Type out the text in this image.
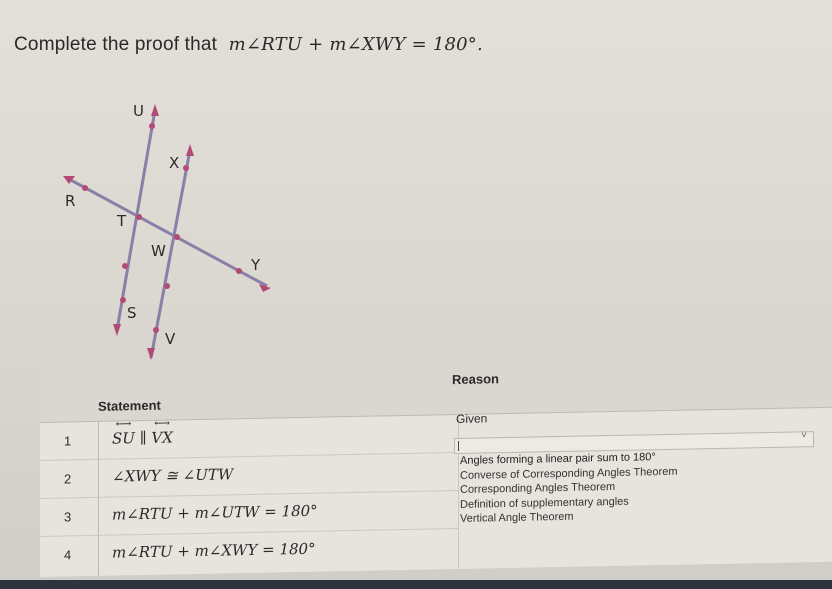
Complete the proof that m∠RTU + m∠XWY = 180°.
U
X
R
T
W
Y
S
V
Statement
Reason
1
⟷	SU ∥ ⟷ VX
2	∠XWY ≅ ∠UTW
3	m∠RTU + m∠UTW = 180°
4	m∠RTU + m∠XWY = 180°
Given
˅
Angles forming a linear pair sum to 180°
Converse of Corresponding Angles Theorem
Corresponding Angles Theorem
Definition of supplementary angles
Vertical Angle Theorem
